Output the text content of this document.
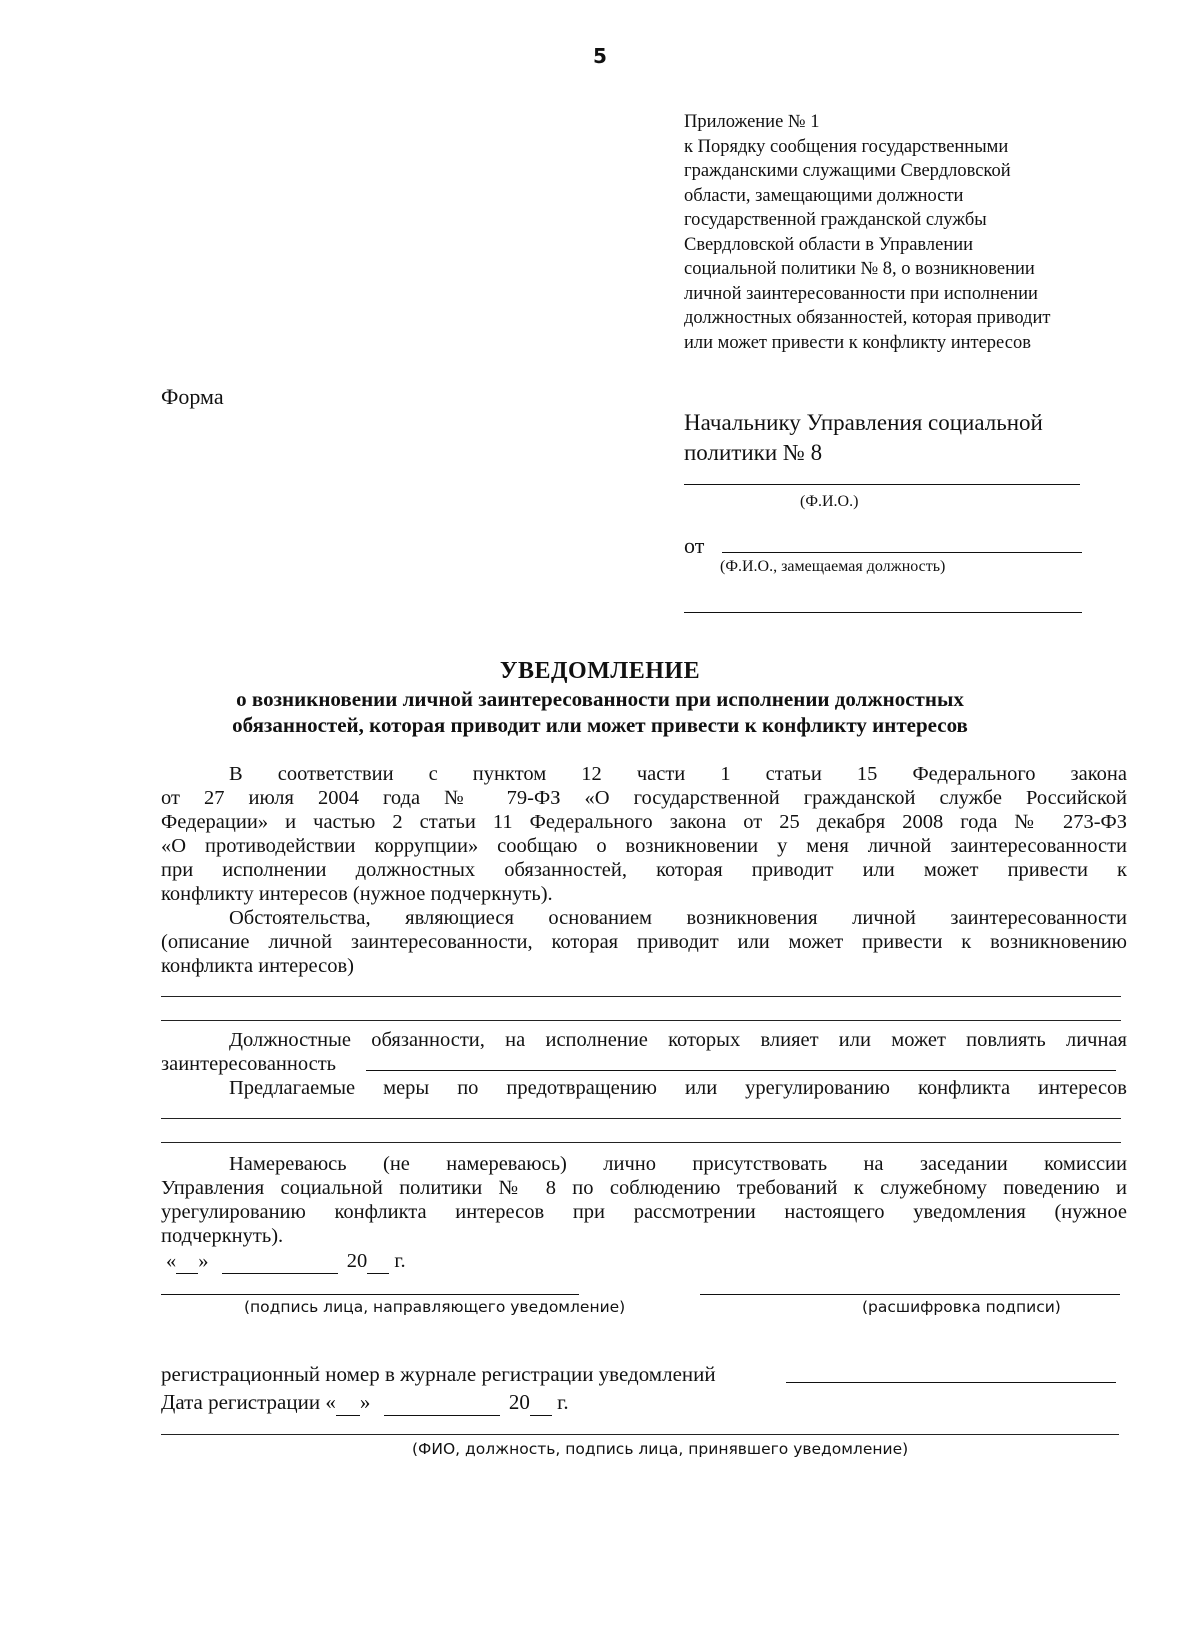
5
Приложение № 1
к Порядку сообщения государственными
гражданскими служащими Свердловской
области, замещающими должности
государственной гражданской службы
Свердловской области в Управлении
социальной политики № 8, о возникновении
личной заинтересованности при исполнении
должностных обязанностей, которая приводит
или может привести к конфликту интересов
Форма
Начальнику Управления социальной
политики № 8
(Ф.И.О.)
от
(Ф.И.О., замещаемая должность)
УВЕДОМЛЕНИЕ
о возникновении личной заинтересованности при исполнении должностных
обязанностей, которая приводит или может привести к конфликту интересов
В соответствии с пунктом 12 части 1 статьи 15 Федерального закона
от 27 июля 2004 года № 79-ФЗ «О государственной гражданской службе Российской
Федерации» и частью 2 статьи 11 Федерального закона от 25 декабря 2008 года № 273-ФЗ
«О противодействии коррупции» сообщаю о возникновении у меня личной заинтересованности
при исполнении должностных обязанностей, которая приводит или может привести к
конфликту интересов (нужное подчеркнуть).
Обстоятельства, являющиеся основанием возникновения личной заинтересованности
(описание личной заинтересованности, которая приводит или может привести к возникновению
конфликта интересов)
Должностные обязанности, на исполнение которых влияет или может повлиять личная
заинтересованность
Предлагаемые меры по предотвращению или урегулированию конфликта интересов
Намереваюсь (не намереваюсь) лично присутствовать на заседании комиссии
Управления социальной политики № 8 по соблюдению требований к служебному поведению и
урегулированию конфликта интересов при рассмотрении настоящего уведомления (нужное
подчеркнуть).
« »	20 г.
(подпись лица, направляющего уведомление)	(расшифровка подписи)
регистрационный номер в журнале регистрации уведомлений
Дата регистрации « »	20 г.
(ФИО, должность, подпись лица, принявшего уведомление)
